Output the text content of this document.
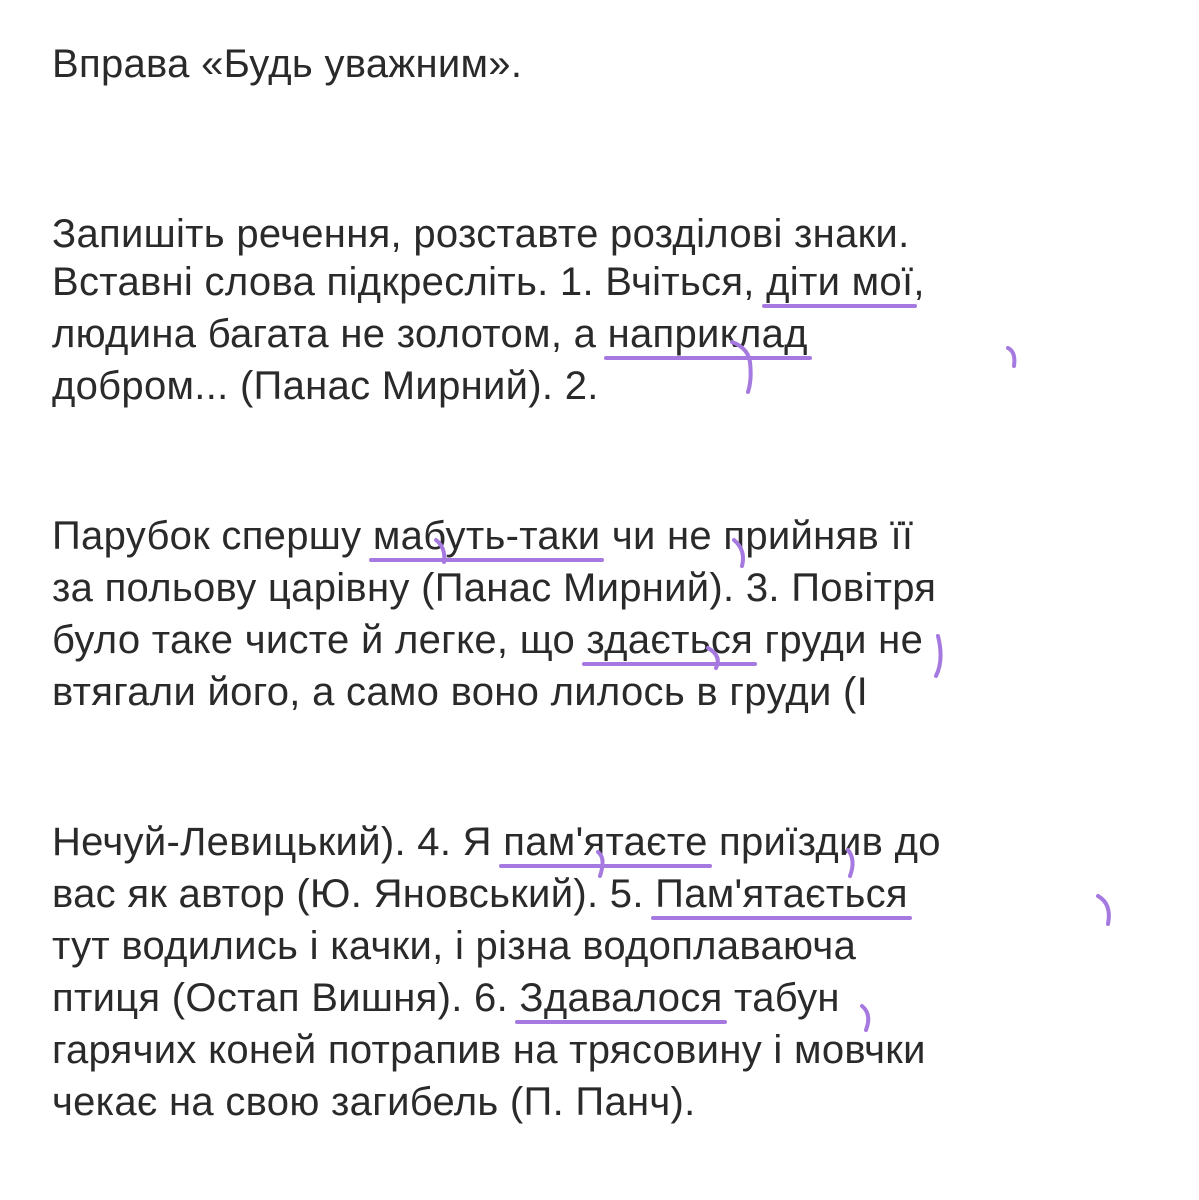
Вправа «Будь уважним».
Запишіть речення, розставте розділові знаки.
Вставні слова підкресліть. 1. Вчіться, діти мої,
людина багата не золотом, а наприклад
добром... (Панас Мирний). 2.
Парубок спершу мабуть-таки чи не прийняв її
за польову царівну (Панас Мирний). 3. Повітря
було таке чисте й легке, що здається груди не
втягали його, а само воно лилось в груди (І
Нечуй-Левицький). 4. Я пам'ятаєте приїздив до
вас як автор (Ю. Яновський). 5. Пам'ятається
тут водились і качки, і різна водоплаваюча
птиця (Остап Вишня). 6. Здавалося табун
гарячих коней потрапив на трясовину і мовчки
чекає на свою загибель (П. Панч).
